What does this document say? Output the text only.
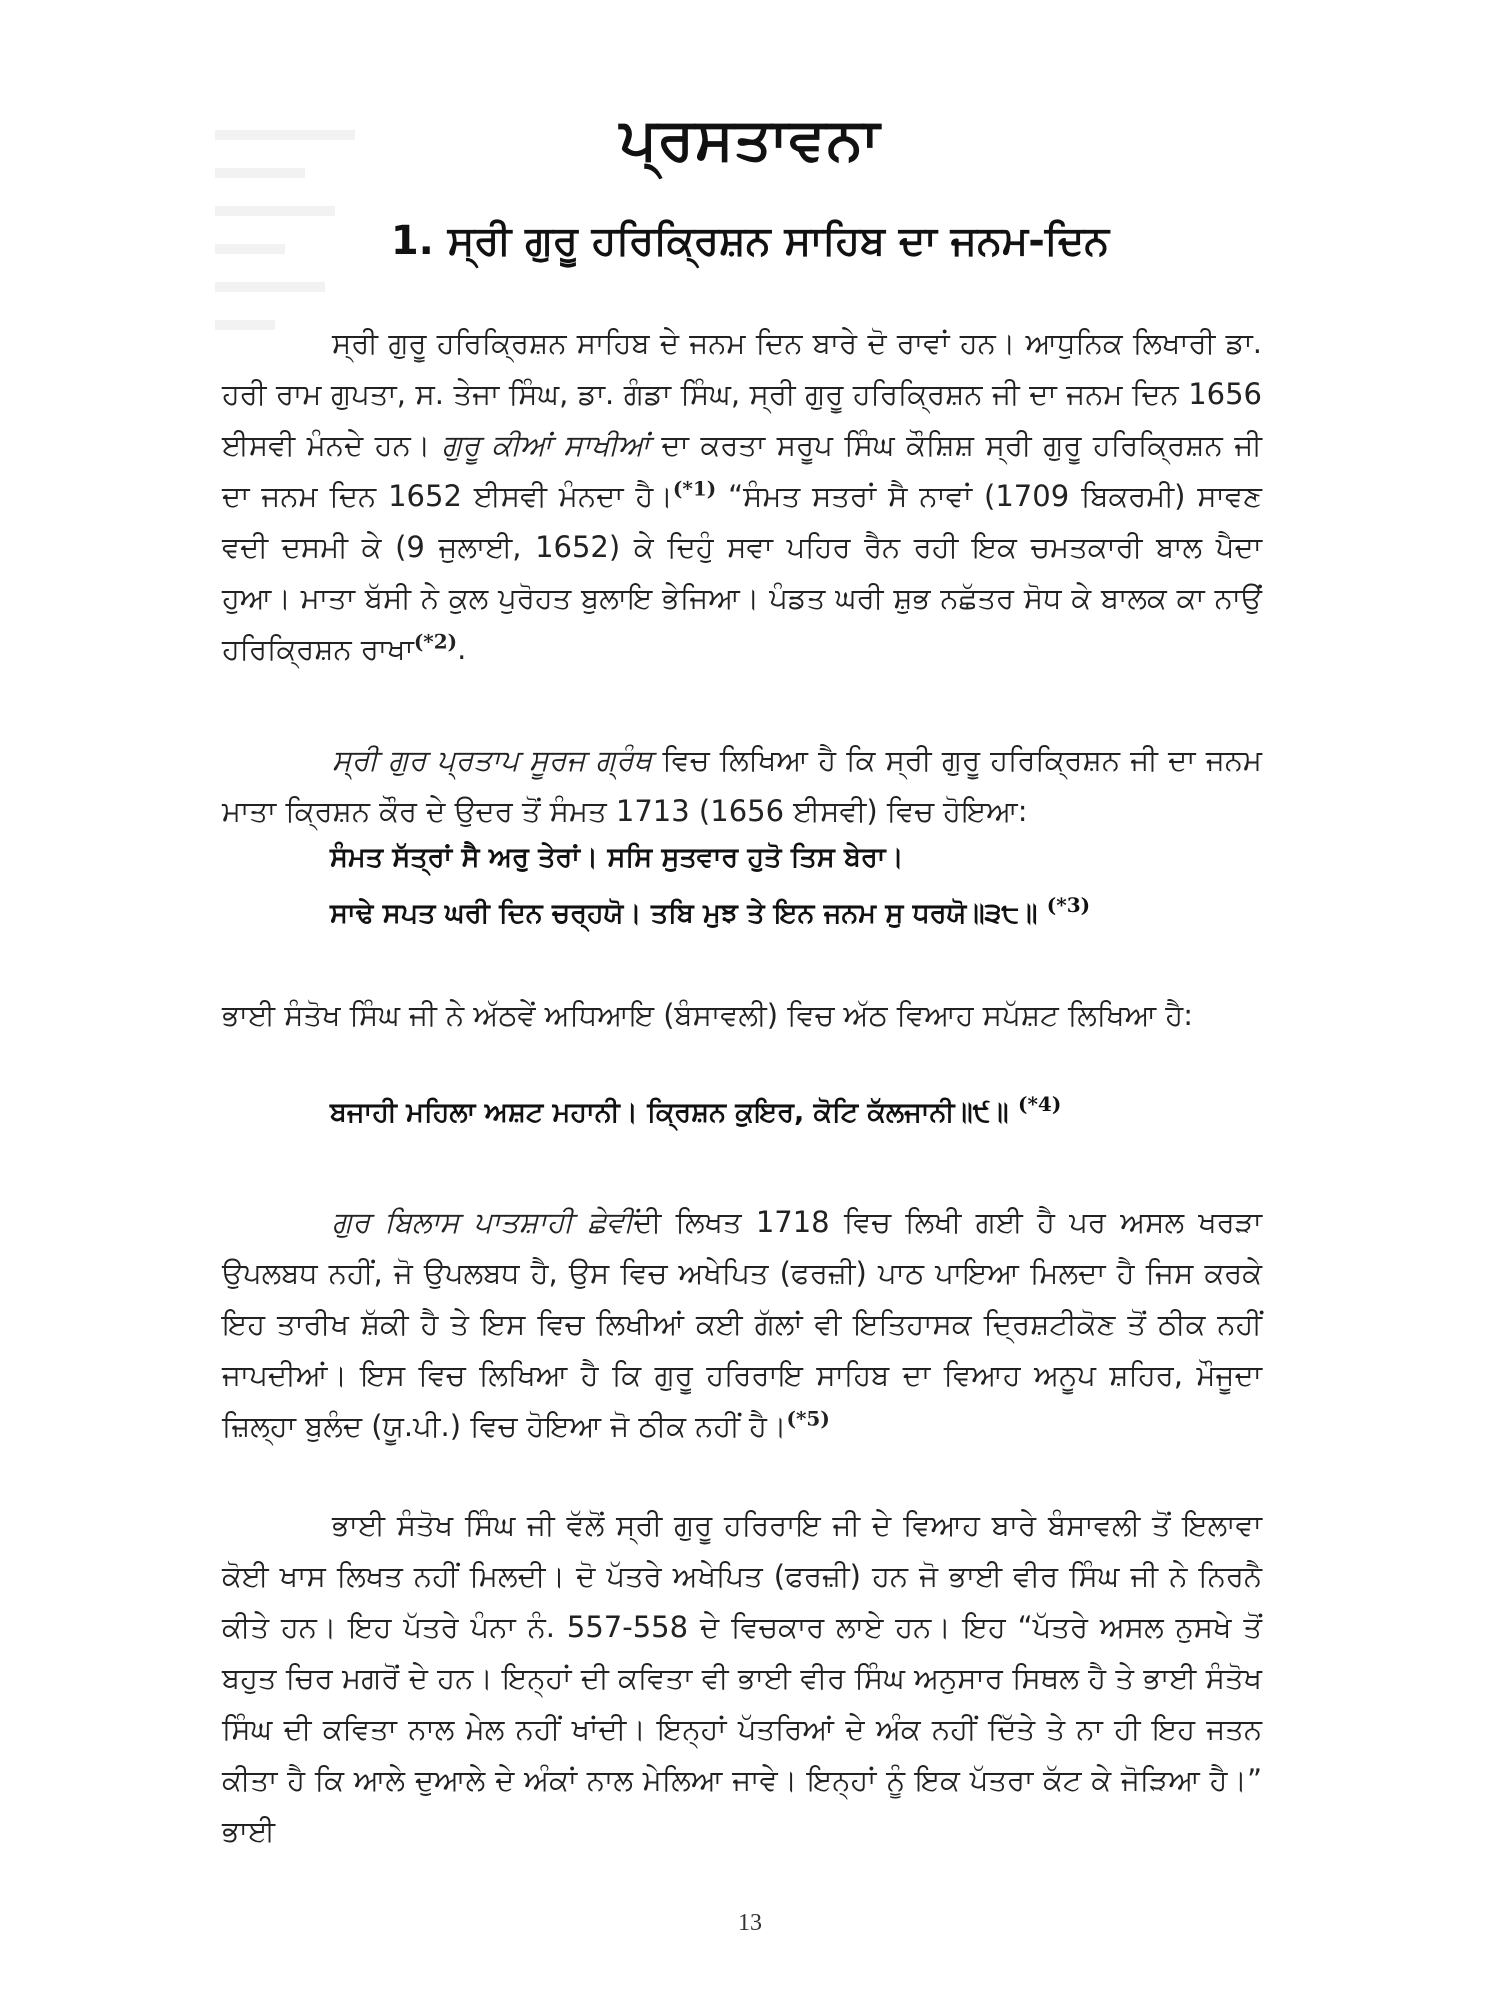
ਪ੍ਰਸਤਾਵਨਾ
1. ਸ੍ਰੀ ਗੁਰੂ ਹਰਿਕ੍ਰਿਸ਼ਨ ਸਾਹਿਬ ਦਾ ਜਨਮ-ਦਿਨ
ਸ੍ਰੀ ਗੁਰੂ ਹਰਿਕ੍ਰਿਸ਼ਨ ਸਾਹਿਬ ਦੇ ਜਨਮ ਦਿਨ ਬਾਰੇ ਦੋ ਰਾਵਾਂ ਹਨ। ਆਧੁਨਿਕ ਲਿਖਾਰੀ ਡਾ. ਹਰੀ ਰਾਮ ਗੁਪਤਾ, ਸ. ਤੇਜਾ ਸਿੰਘ, ਡਾ. ਗੰਡਾ ਸਿੰਘ, ਸ੍ਰੀ ਗੁਰੂ ਹਰਿਕ੍ਰਿਸ਼ਨ ਜੀ ਦਾ ਜਨਮ ਦਿਨ 1656 ਈਸਵੀ ਮੰਨਦੇ ਹਨ। ਗੁਰੂ ਕੀਆਂ ਸਾਖੀਆਂ ਦਾ ਕਰਤਾ ਸਰੂਪ ਸਿੰਘ ਕੌਸ਼ਿਸ਼ ਸ੍ਰੀ ਗੁਰੂ ਹਰਿਕ੍ਰਿਸ਼ਨ ਜੀ ਦਾ ਜਨਮ ਦਿਨ 1652 ਈਸਵੀ ਮੰਨਦਾ ਹੈ।$^{(*1)}$ “ਸੰਮਤ ਸਤਰਾਂ ਸੈ ਨਾਵਾਂ (1709 ਬਿਕਰਮੀ) ਸਾਵਣ ਵਦੀ ਦਸਮੀ ਕੇ (9 ਜੁਲਾਈ, 1652) ਕੇ ਦਿਹੁੰ ਸਵਾ ਪਹਿਰ ਰੈਨ ਰਹੀ ਇਕ ਚਮਤਕਾਰੀ ਬਾਲ ਪੈਦਾ ਹੁਆ। ਮਾਤਾ ਬੱਸੀ ਨੇ ਕੁਲ ਪੁਰੋਹਤ ਬੁਲਾਇ ਭੇਜਿਆ। ਪੰਡਤ ਘਰੀ ਸ਼ੁਭ ਨਛੱਤਰ ਸੋਧ ਕੇ ਬਾਲਕ ਕਾ ਨਾਉਂ ਹਰਿਕ੍ਰਿਸ਼ਨ ਰਾਖਾ$^{(*2)}$.
ਸ੍ਰੀ ਗੁਰ ਪ੍ਰਤਾਪ ਸੂਰਜ ਗ੍ਰੰਥ ਵਿਚ ਲਿਖਿਆ ਹੈ ਕਿ ਸ੍ਰੀ ਗੁਰੂ ਹਰਿਕ੍ਰਿਸ਼ਨ ਜੀ ਦਾ ਜਨਮ ਮਾਤਾ ਕ੍ਰਿਸ਼ਨ ਕੌਰ ਦੇ ਉਦਰ ਤੋਂ ਸੰਮਤ 1713 (1656 ਈਸਵੀ) ਵਿਚ ਹੋਇਆ:
ਸੰਮਤ ਸੱਤ੍ਰਾਂ ਸੈ ਅਰੁ ਤੇਰਾਂ। ਸਸਿ ਸੁਤਵਾਰ ਹੁਤੋ ਤਿਸ ਬੇਰਾ।
ਸਾਢੇ ਸਪਤ ਘਰੀ ਦਿਨ ਚਰ੍ਹਯੋ। ਤਬਿ ਮੁਝ ਤੇ ਇਨ ਜਨਮ ਸੁ ਧਰਯੋ॥੩੮॥ $^{(*3)}$
ਭਾਈ ਸੰਤੋਖ ਸਿੰਘ ਜੀ ਨੇ ਅੱਠਵੇਂ ਅਧਿਆਇ (ਬੰਸਾਵਲੀ) ਵਿਚ ਅੱਠ ਵਿਆਹ ਸਪੱਸ਼ਟ ਲਿਖਿਆ ਹੈ:
ਬਜਾਹੀ ਮਹਿਲਾ ਅਸ਼ਟ ਮਹਾਨੀ। ਕ੍ਰਿਸ਼ਨ ਕੁਇਰ, ਕੋਟਿ ਕੱਲਜਾਨੀ॥੯॥ $^{(*4)}$
ਗੁਰ ਬਿਲਾਸ ਪਾਤਸ਼ਾਹੀ ਛੇਵੀਂਦੀ ਲਿਖਤ 1718 ਵਿਚ ਲਿਖੀ ਗਈ ਹੈ ਪਰ ਅਸਲ ਖਰੜਾ ਉਪਲਬਧ ਨਹੀਂ, ਜੋ ਉਪਲਬਧ ਹੈ, ਉਸ ਵਿਚ ਅਖੇਪਿਤ (ਫਰਜ਼ੀ) ਪਾਠ ਪਾਇਆ ਮਿਲਦਾ ਹੈ ਜਿਸ ਕਰਕੇ ਇਹ ਤਾਰੀਖ ਸ਼ੱਕੀ ਹੈ ਤੇ ਇਸ ਵਿਚ ਲਿਖੀਆਂ ਕਈ ਗੱਲਾਂ ਵੀ ਇਤਿਹਾਸਕ ਦ੍ਰਿਸ਼ਟੀਕੋਣ ਤੋਂ ਠੀਕ ਨਹੀਂ ਜਾਪਦੀਆਂ। ਇਸ ਵਿਚ ਲਿਖਿਆ ਹੈ ਕਿ ਗੁਰੂ ਹਰਿਰਾਇ ਸਾਹਿਬ ਦਾ ਵਿਆਹ ਅਨੂਪ ਸ਼ਹਿਰ, ਮੌਜੂਦਾ ਜ਼ਿਲ੍ਹਾ ਬੁਲੰਦ (ਯੂ.ਪੀ.) ਵਿਚ ਹੋਇਆ ਜੋ ਠੀਕ ਨਹੀਂ ਹੈ।$^{(*5)}$
ਭਾਈ ਸੰਤੋਖ ਸਿੰਘ ਜੀ ਵੱਲੋਂ ਸ੍ਰੀ ਗੁਰੂ ਹਰਿਰਾਇ ਜੀ ਦੇ ਵਿਆਹ ਬਾਰੇ ਬੰਸਾਵਲੀ ਤੋਂ ਇਲਾਵਾ ਕੋਈ ਖਾਸ ਲਿਖਤ ਨਹੀਂ ਮਿਲਦੀ। ਦੋ ਪੱਤਰੇ ਅਖੇਪਿਤ (ਫਰਜ਼ੀ) ਹਨ ਜੋ ਭਾਈ ਵੀਰ ਸਿੰਘ ਜੀ ਨੇ ਨਿਰਨੈ ਕੀਤੇ ਹਨ। ਇਹ ਪੱਤਰੇ ਪੰਨਾ ਨੰ. 557-558 ਦੇ ਵਿਚਕਾਰ ਲਾਏ ਹਨ। ਇਹ “ਪੱਤਰੇ ਅਸਲ ਨੁਸਖੇ ਤੋਂ ਬਹੁਤ ਚਿਰ ਮਗਰੋਂ ਦੇ ਹਨ। ਇਨ੍ਹਾਂ ਦੀ ਕਵਿਤਾ ਵੀ ਭਾਈ ਵੀਰ ਸਿੰਘ ਅਨੁਸਾਰ ਸਿਥਲ ਹੈ ਤੇ ਭਾਈ ਸੰਤੋਖ ਸਿੰਘ ਦੀ ਕਵਿਤਾ ਨਾਲ ਮੇਲ ਨਹੀਂ ਖਾਂਦੀ। ਇਨ੍ਹਾਂ ਪੱਤਰਿਆਂ ਦੇ ਅੰਕ ਨਹੀਂ ਦਿੱਤੇ ਤੇ ਨਾ ਹੀ ਇਹ ਜਤਨ ਕੀਤਾ ਹੈ ਕਿ ਆਲੇ ਦੁਆਲੇ ਦੇ ਅੰਕਾਂ ਨਾਲ ਮੇਲਿਆ ਜਾਵੇ। ਇਨ੍ਹਾਂ ਨੂੰ ਇਕ ਪੱਤਰਾ ਕੱਟ ਕੇ ਜੋੜਿਆ ਹੈ।” ਭਾਈ
13
